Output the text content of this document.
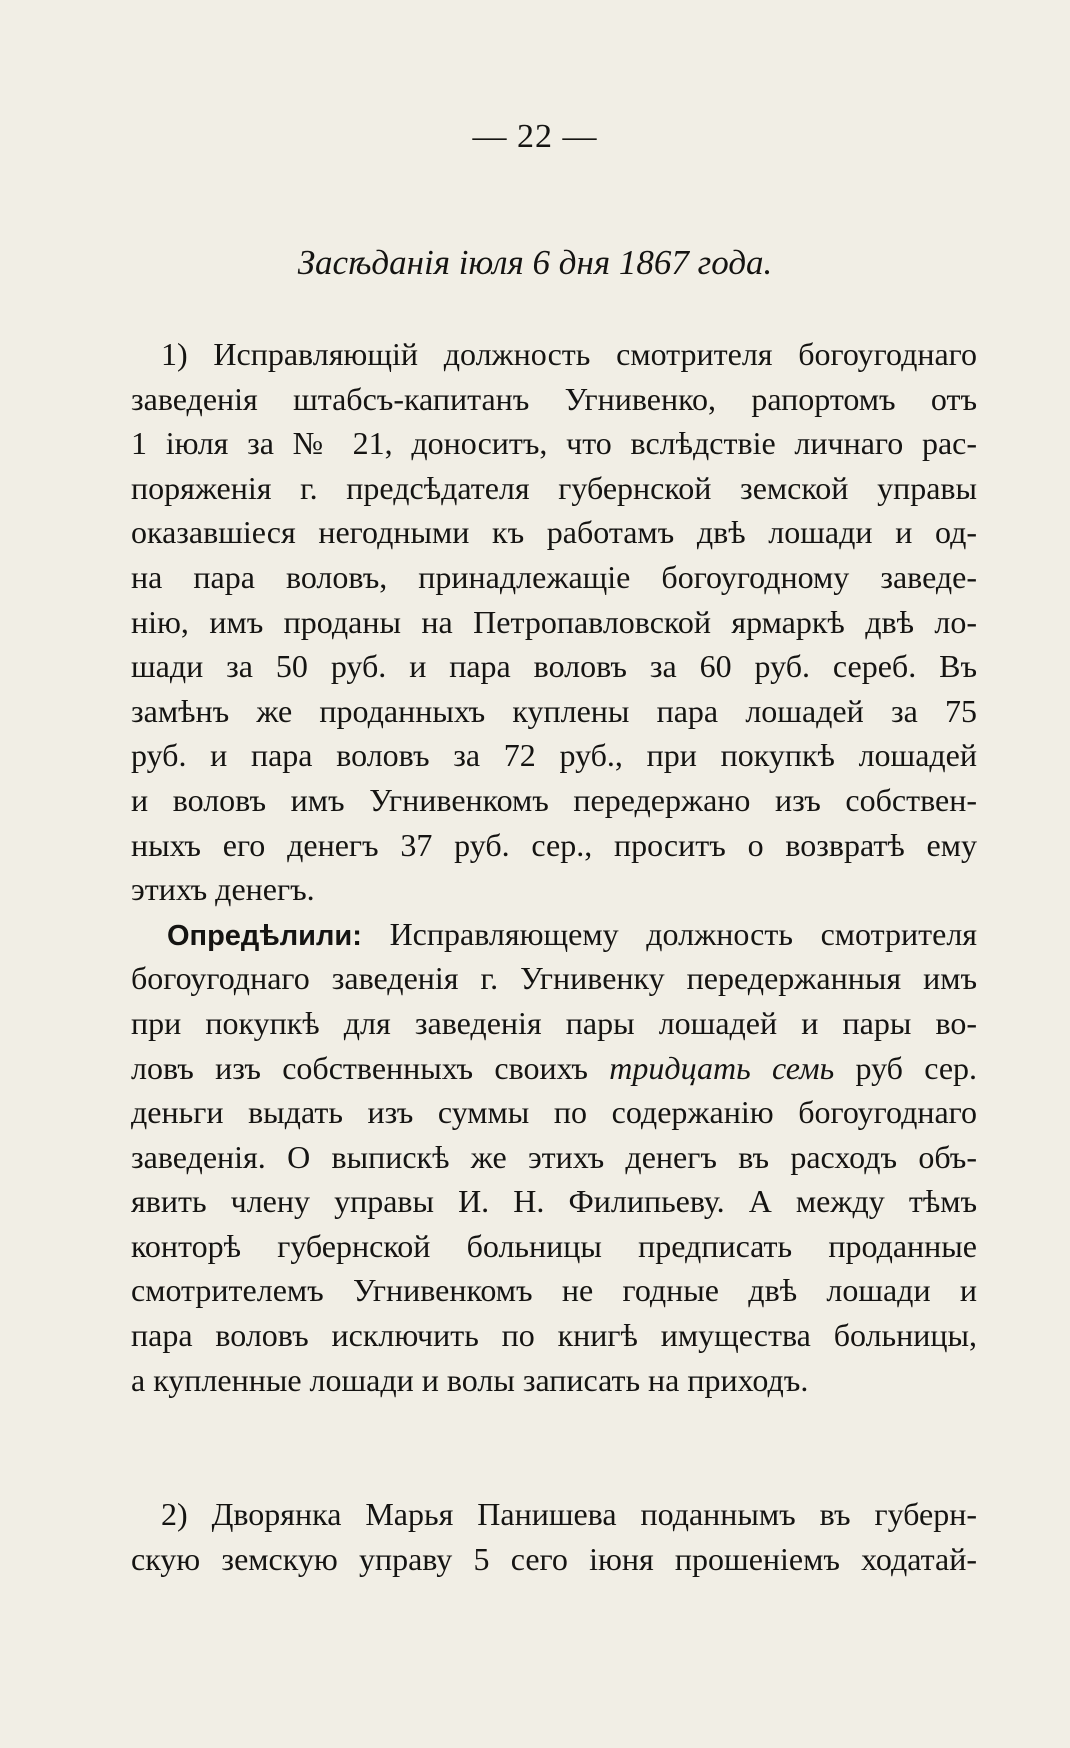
— 22 —
Засѣданія іюля 6 дня 1867 года.
1) Исправляющій должность смотрителя богоугоднаго
заведенія штабсъ-капитанъ Угнивенко, рапортомъ отъ
1 іюля за № 21, доноситъ, что вслѣдствіе личнаго рас-
поряженія г. предсѣдателя губернской земской управы
оказавшіеся негодными къ работамъ двѣ лошади и од-
на пара воловъ, принадлежащіе богоугодному заведе-
нію, имъ проданы на Петропавловской ярмаркѣ двѣ ло-
шади за 50 руб. и пара воловъ за 60 руб. сереб. Въ
замѣнъ же проданныхъ куплены пара лошадей за 75
руб. и пара воловъ за 72 руб., при покупкѣ лошадей
и воловъ имъ Угнивенкомъ передержано изъ собствен-
ныхъ его денегъ 37 руб. сер., проситъ о возвратѣ ему
этихъ денегъ.
Опредѣлили: Исправляющему должность смотрителя
богоугоднаго заведенія г. Угнивенку передержанныя имъ
при покупкѣ для заведенія пары лошадей и пары во-
ловъ изъ собственныхъ своихъ тридцать семь руб сер.
деньги выдать изъ суммы по содержанію богоугоднаго
заведенія. О выпискѣ же этихъ денегъ въ расходъ объ-
явить члену управы И. Н. Филипьеву. А между тѣмъ
конторѣ губернской больницы предписать проданные
смотрителемъ Угнивенкомъ не годные двѣ лошади и
пара воловъ исключить по книгѣ имущества больницы,
а купленные лошади и волы записать на приходъ.
2) Дворянка Марья Панишева поданнымъ въ губерн-
скую земскую управу 5 сего іюня прошеніемъ ходатай-
